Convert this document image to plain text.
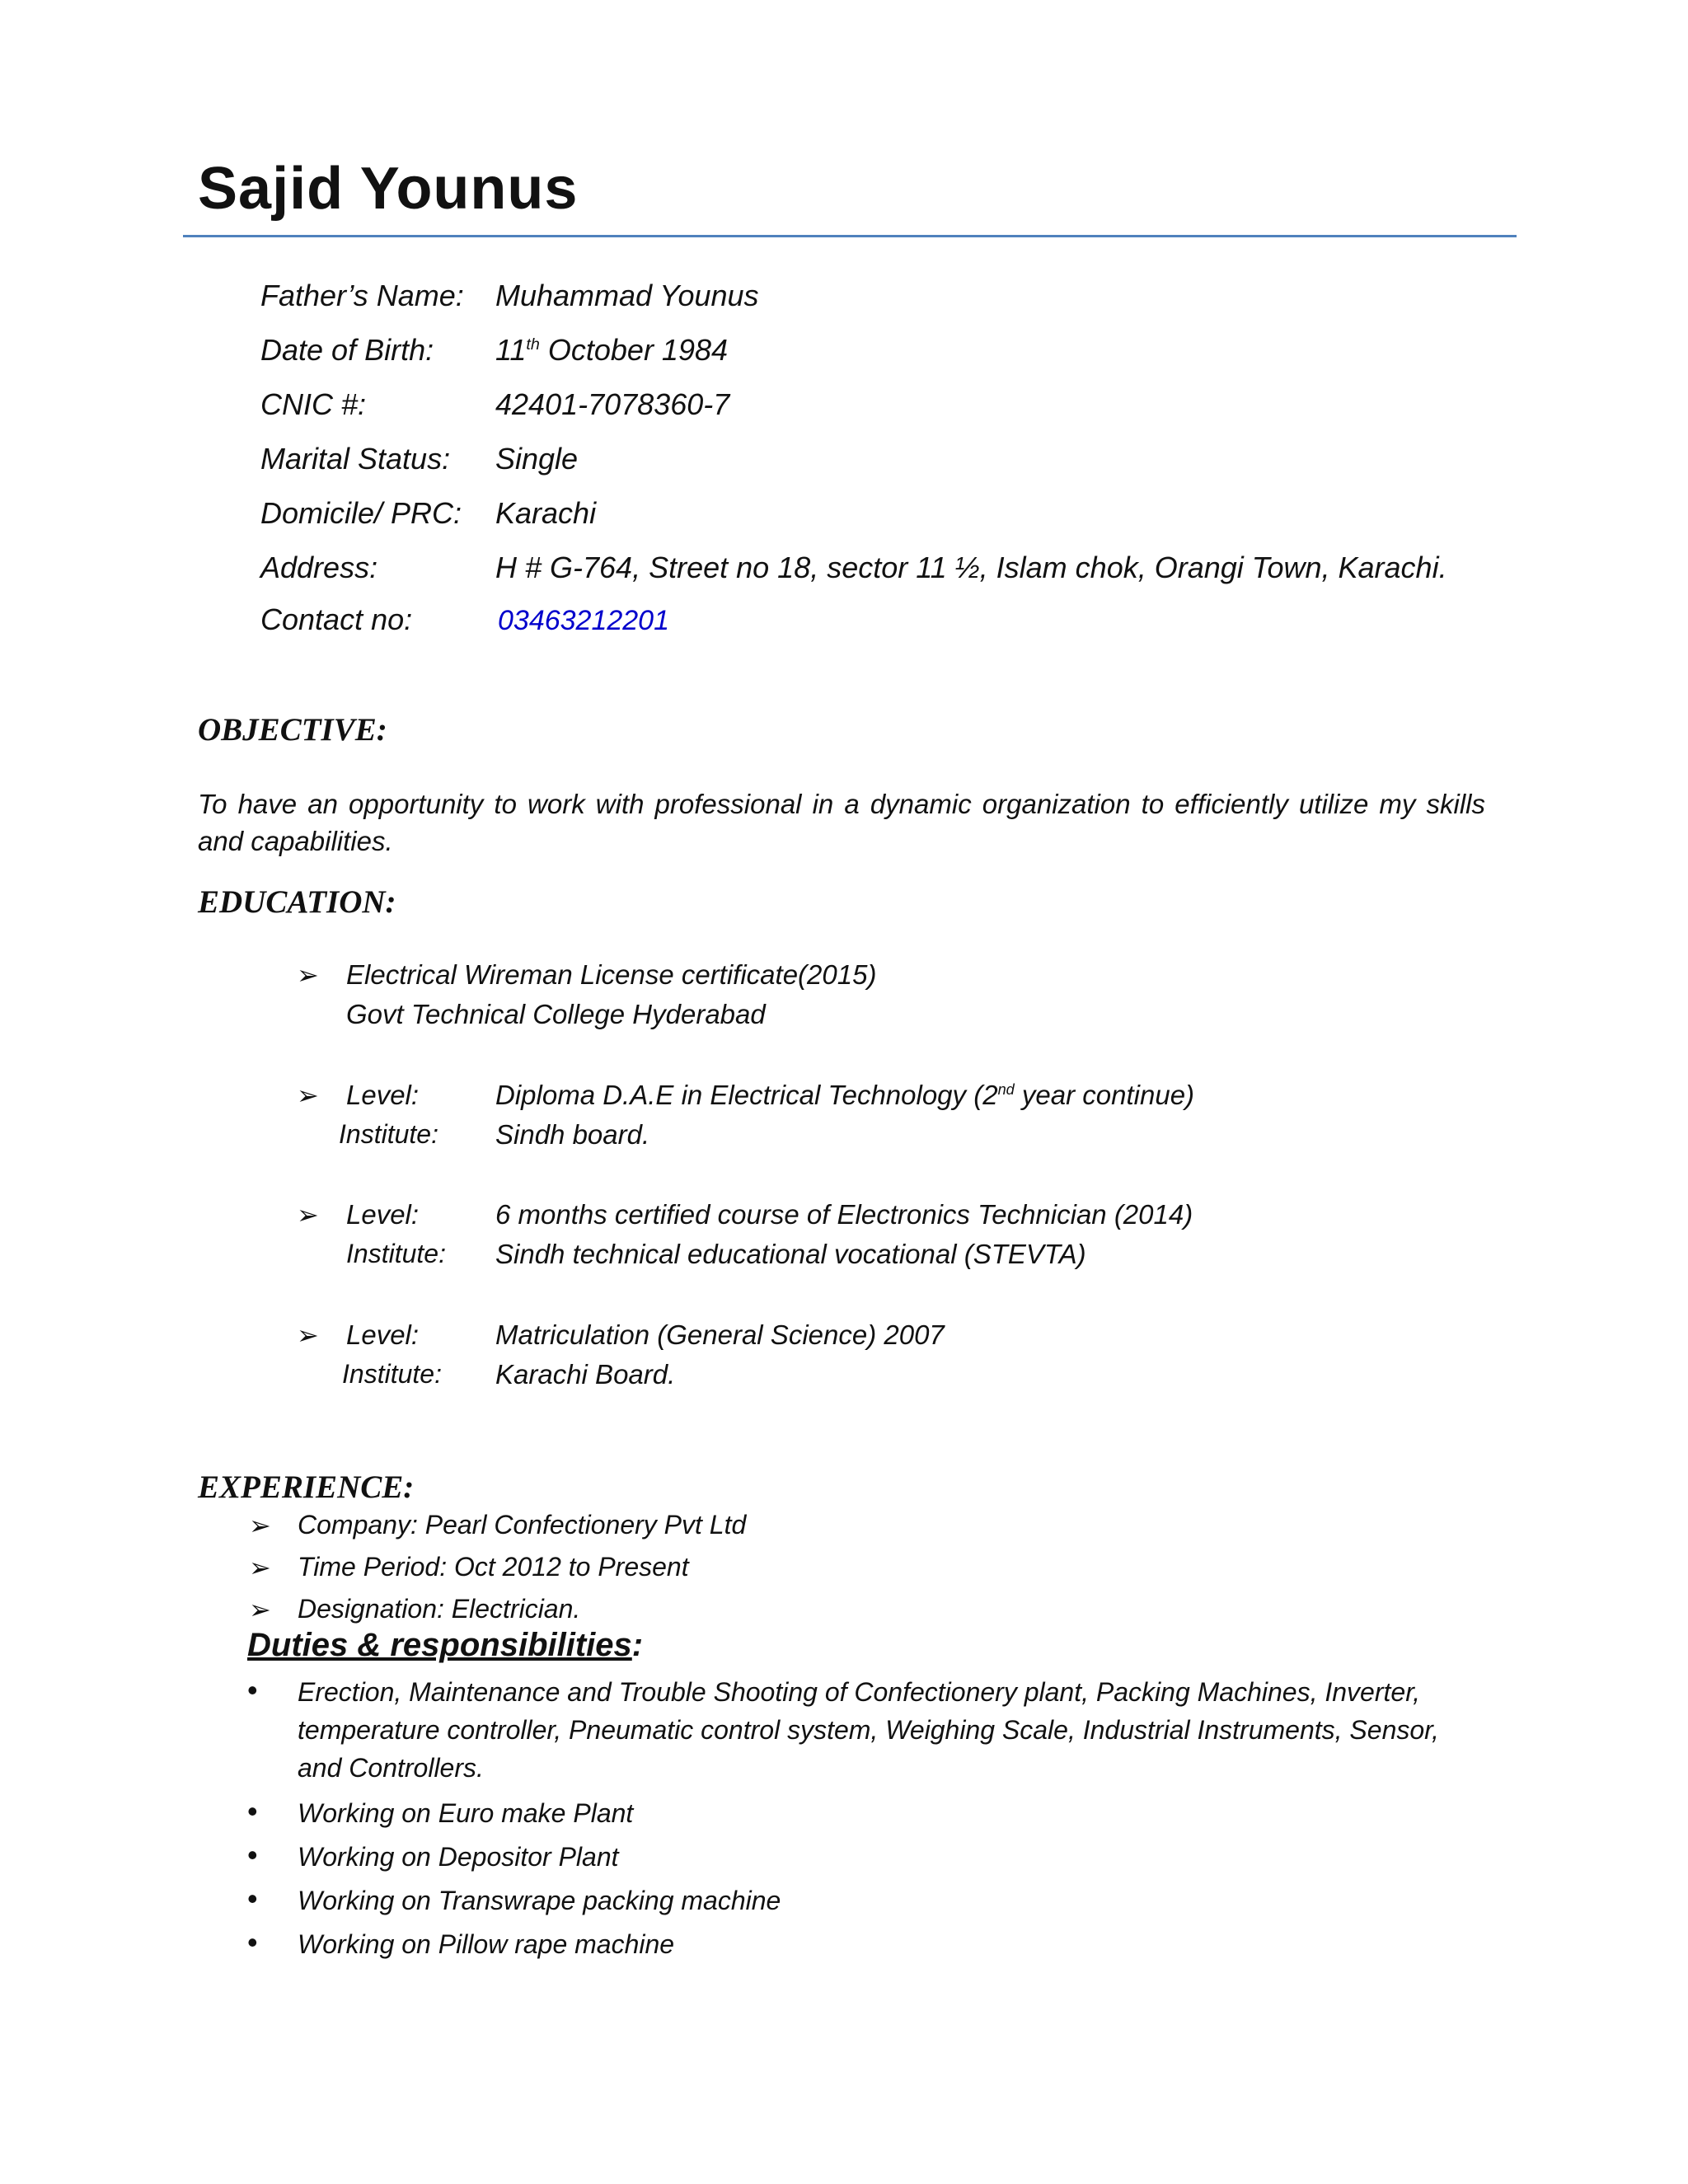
Sajid Younus
Father’s Name: Muhammad Younus
Date of Birth: 11th October 1984
CNIC #:	42401-7078360-7
Marital Status: Single
Domicile/ PRC: Karachi
Address:	H # G-764, Street no 18, sector 11 ½, Islam chok, Orangi Town, Karachi.
Contact no:	03463212201
OBJECTIVE:
To have an opportunity to work with professional in a dynamic organization to efficiently utilize my skills and capabilities.
EDUCATION:
➢ Electrical Wireman License certificate(2015)
Govt Technical College Hyderabad
➢ Level:	Diploma D.A.E in Electrical Technology (2nd year continue)
Institute: Sindh board.
➢ Level:	6 months certified course of Electronics Technician (2014)
Institute: Sindh technical educational vocational (STEVTA)
➢ Level:	Matriculation (General Science) 2007
Institute: Karachi Board.
EXPERIENCE:
➢ Company: Pearl Confectionery Pvt Ltd
➢ Time Period: Oct 2012 to Present
➢ Designation: Electrician.
Duties & responsibilities:
• Erection, Maintenance and Trouble Shooting of Confectionery plant, Packing Machines, Inverter, temperature controller, Pneumatic control system, Weighing Scale, Industrial Instruments, Sensor, and Controllers.
• Working on Euro make Plant
• Working on Depositor Plant
• Working on Transwrape packing machine
• Working on Pillow rape machine
